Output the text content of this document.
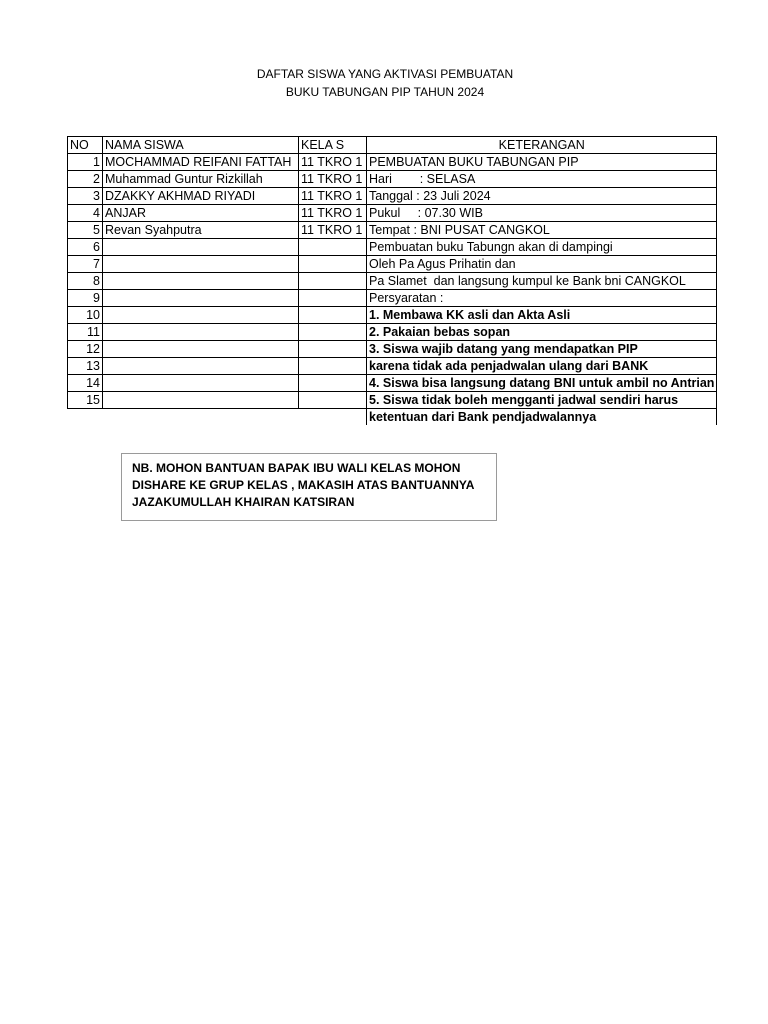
DAFTAR SISWA YANG AKTIVASI PEMBUATAN
BUKU TABUNGAN PIP TAHUN 2024
NO	NAMA SISWA	KELA S	KETERANGAN
1	MOCHAMMAD REIFANI FATTAH	11 TKRO 1	PEMBUATAN BUKU TABUNGAN PIP
2	Muhammad Guntur Rizkillah	11 TKRO 1	Hari        : SELASA
3	DZAKKY AKHMAD RIYADI	11 TKRO 1	Tanggal : 23 Juli 2024
4	ANJAR	11 TKRO 1	Pukul     : 07.30 WIB
5	Revan Syahputra	11 TKRO 1	Tempat : BNI PUSAT CANGKOL
6			Pembuatan buku Tabungn akan di dampingi
7			Oleh Pa Agus Prihatin dan
8			Pa Slamet  dan langsung kumpul ke Bank bni CANGKOL
9			Persyaratan :
10			1. Membawa KK asli dan Akta Asli
11			2. Pakaian bebas sopan
12			3. Siswa wajib datang yang mendapatkan PIP
13			karena tidak ada penjadwalan ulang dari BANK
14			4. Siswa bisa langsung datang BNI untuk ambil no Antrian
15			5. Siswa tidak boleh mengganti jadwal sendiri harus
			ketentuan dari Bank pendjadwalannya
NB. MOHON BANTUAN BAPAK IBU WALI KELAS MOHON
DISHARE KE GRUP KELAS , MAKASIH ATAS BANTUANNYA
JAZAKUMULLAH KHAIRAN KATSIRAN
